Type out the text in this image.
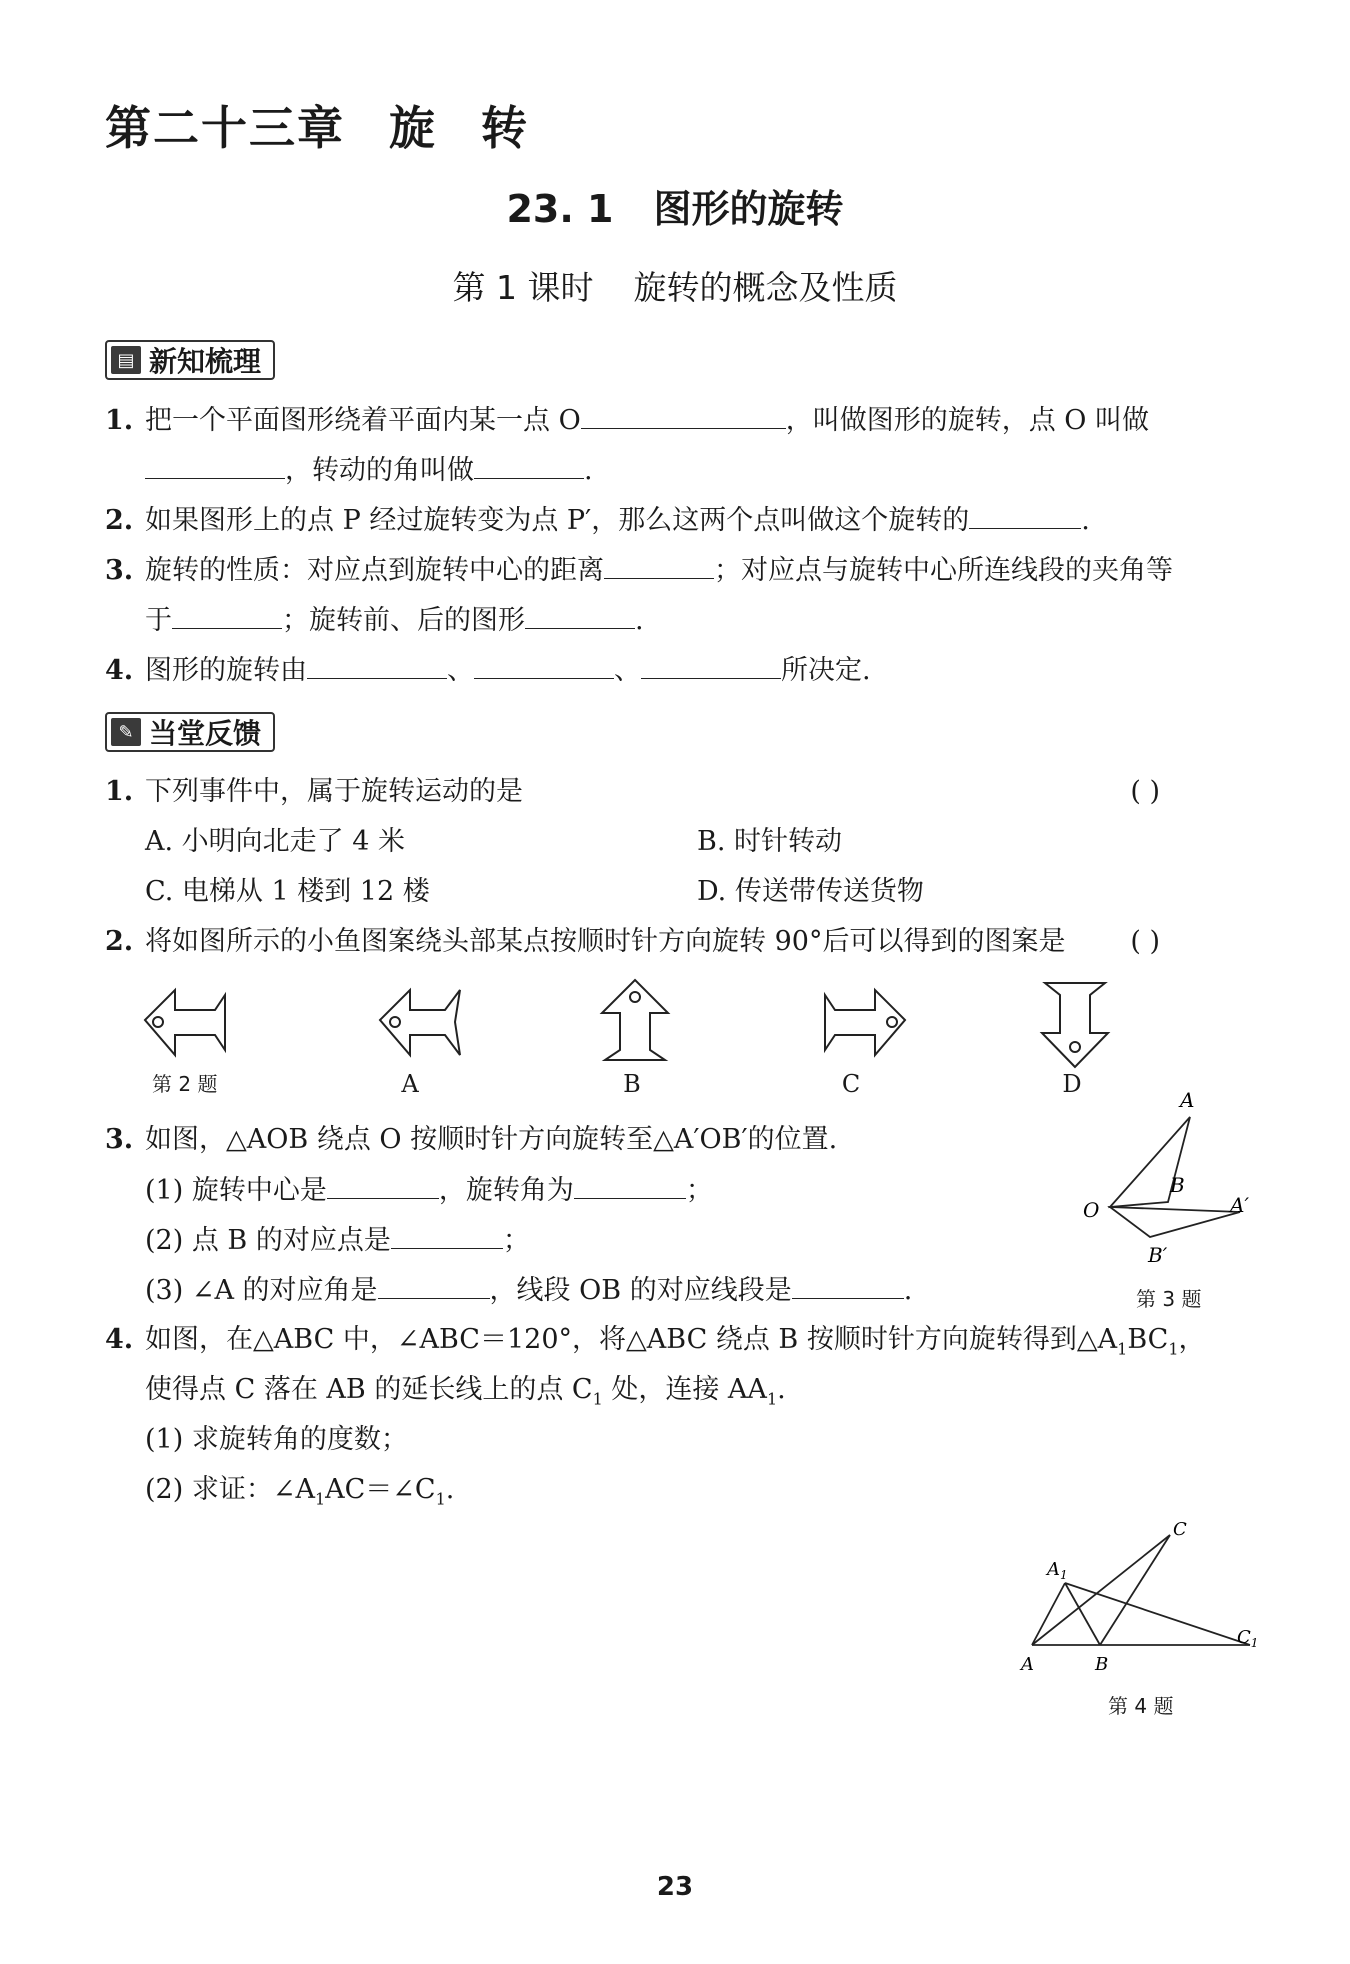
第二十三章 旋 转
23. 1 图形的旋转
第 1 课时 旋转的概念及性质
▤ 新知梳理
1. 把一个平面图形绕着平面内某一点 O	，叫做图形的旋转，点 O 叫做
，转动的角叫做	.
2. 如果图形上的点 P 经过旋转变为点 P′，那么这两个点叫做这个旋转的	.
3. 旋转的性质：对应点到旋转中心的距离	；对应点与旋转中心所连线段的夹角等
于	；旋转前、后的图形	.
4. 图形的旋转由	、	、	所决定.
✎ 当堂反馈
1. 下列事件中，属于旋转运动的是	( )
A. 小明向北走了 4 米	B. 时针转动
C. 电梯从 1 楼到 12 楼	D. 传送带传送货物
2. 将如图所示的小鱼图案绕头部某点按顺时针方向旋转 90°后可以得到的图案是 ( )
第 2 题	A	B	C	D
3. 如图，△AOB 绕点 O 按顺时针方向旋转至△A′OB′的位置.
(1) 旋转中心是	，旋转角为	；
(2) 点 B 的对应点是	；
(3) ∠A 的对应角是	，线段 OB 的对应线段是	.
A
B
O	A′
B′
第 3 题
4. 如图，在△ABC 中，∠ABC＝120°，将△ABC 绕点 B 按顺时针方向旋转得到$\triangle A_1BC_1$，
使得点 C 落在 AB 的延长线上的点 $C_1$ 处，连接 $AA_1$.
(1) 求旋转角的度数；
(2) 求证：$\angle A_1AC=\angle C_1$.
A	B
C
$A_1$
$C_1$
第 4 题
23
